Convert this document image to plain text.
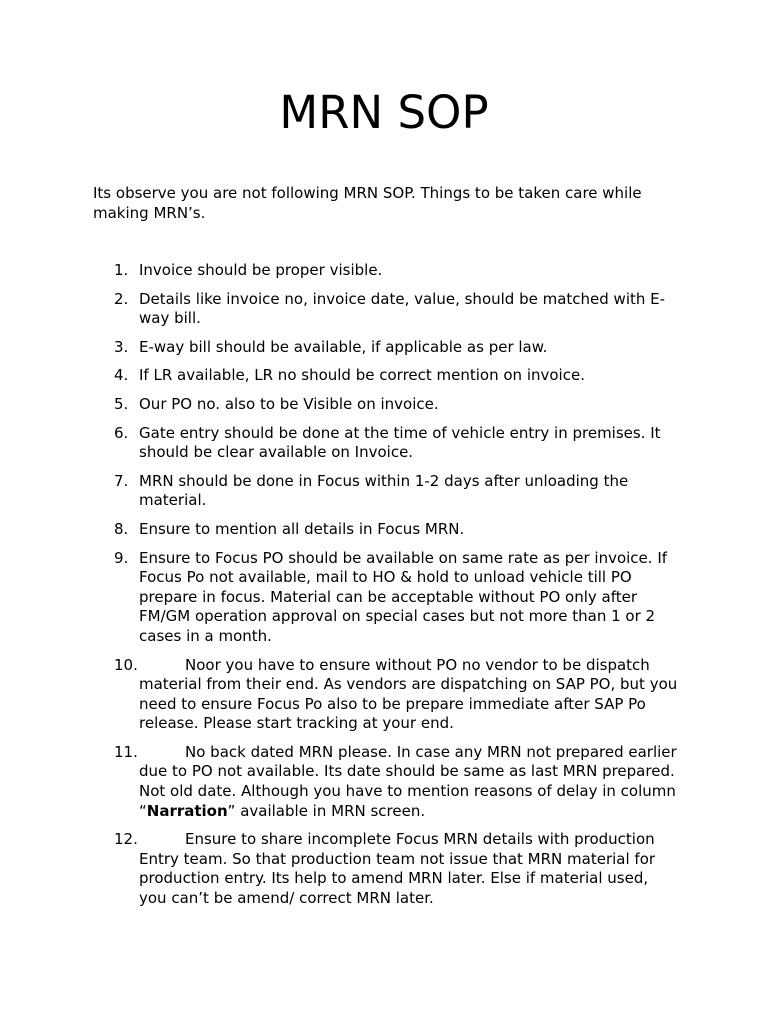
MRN SOP

Its observe you are not following MRN SOP. Things to be taken care while making MRN’s.

1. Invoice should be proper visible.
2. Details like invoice no, invoice date, value, should be matched with E-way bill.
3. E-way bill should be available, if applicable as per law.
4. If LR available, LR no should be correct mention on invoice.
5. Our PO no. also to be Visible on invoice.
6. Gate entry should be done at the time of vehicle entry in premises. It should be clear available on Invoice.
7. MRN should be done in Focus within 1-2 days after unloading the material.
8. Ensure to mention all details in Focus MRN.
9. Ensure to Focus PO should be available on same rate as per invoice. If Focus Po not available, mail to HO & hold to unload vehicle till PO prepare in focus. Material can be acceptable without PO only after FM/GM operation approval on special cases but not more than 1 or 2 cases in a month.
10.	Noor you have to ensure without PO no vendor to be dispatch material from their end. As vendors are dispatching on SAP PO, but you need to ensure Focus Po also to be prepare immediate after SAP Po release. Please start tracking at your end.
11.	No back dated MRN please. In case any MRN not prepared earlier due to PO not available. Its date should be same as last MRN prepared. Not old date. Although you have to mention reasons of delay in column “Narration” available in MRN screen.
12.	Ensure to share incomplete Focus MRN details with production Entry team. So that production team not issue that MRN material for production entry. Its help to amend MRN later. Else if material used, you can’t be amend/ correct MRN later.
